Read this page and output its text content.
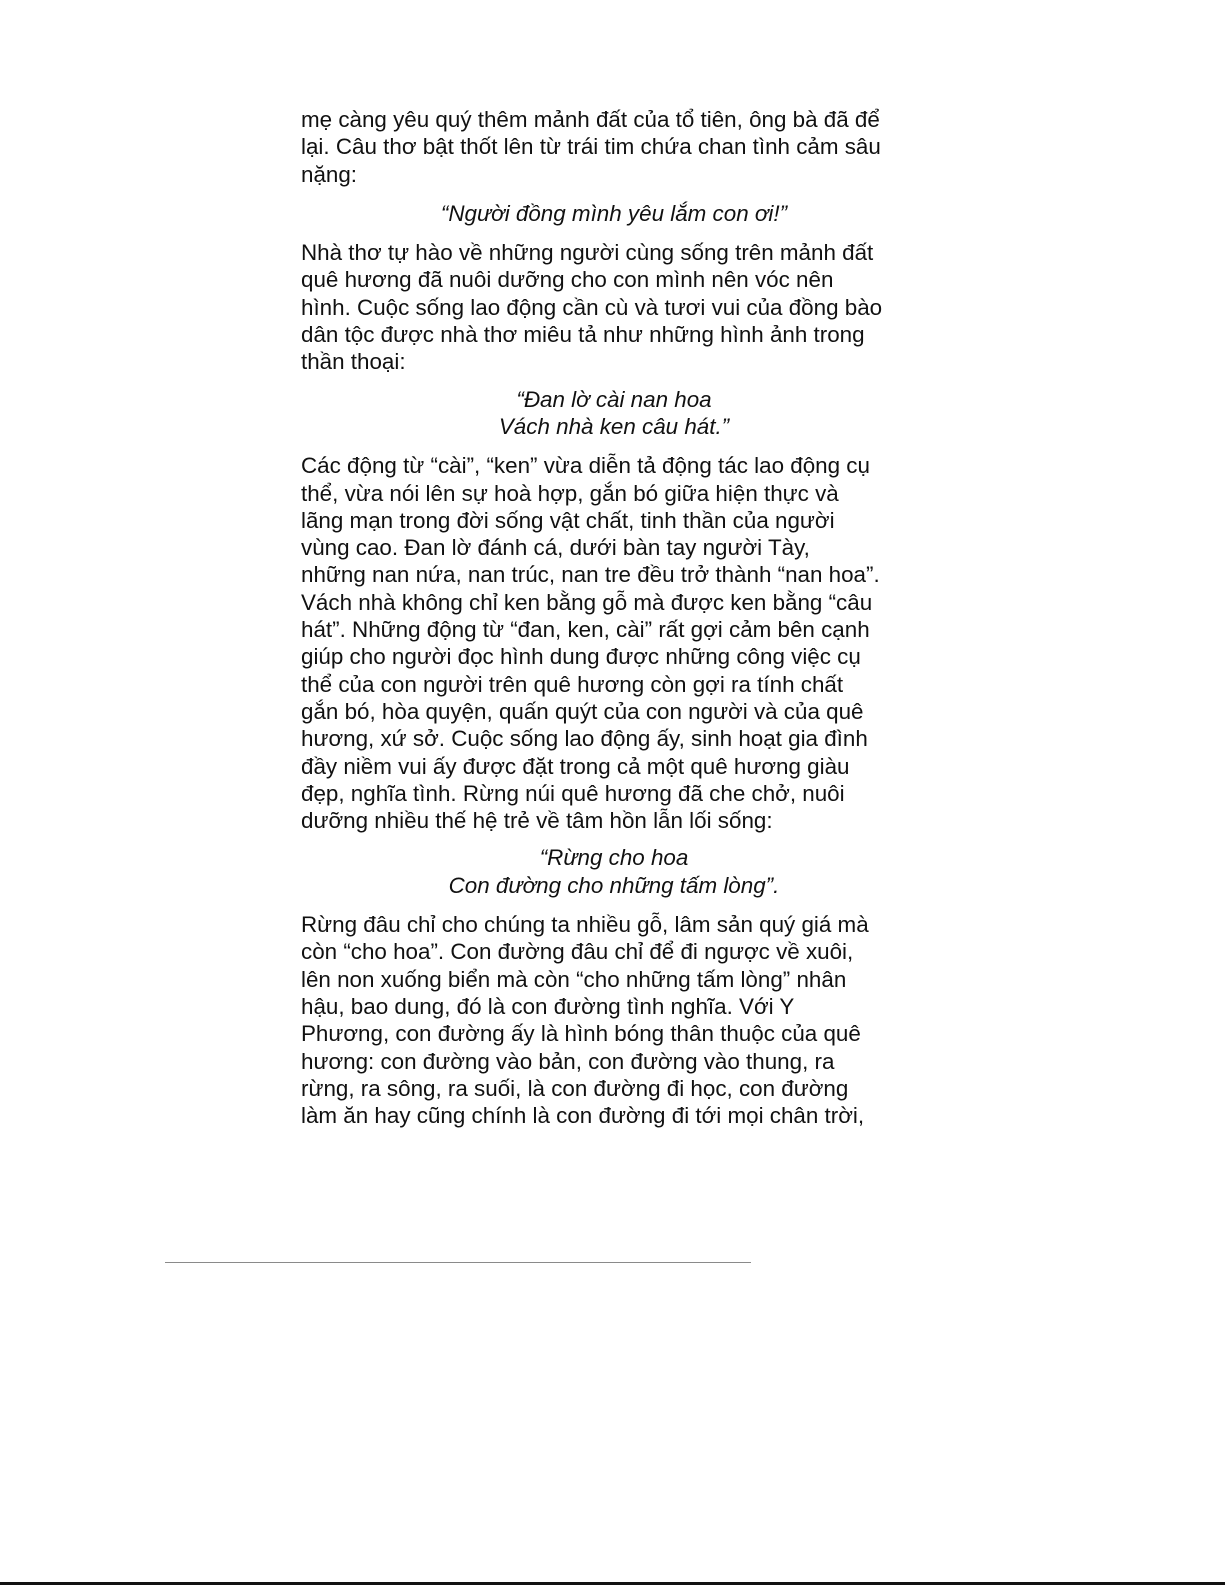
mẹ càng yêu quý thêm mảnh đất của tổ tiên, ông bà đã để
lại. Câu thơ bật thốt lên từ trái tim chứa chan tình cảm sâu
nặng:

“Người đồng mình yêu lắm con ơi!”

Nhà thơ tự hào về những người cùng sống trên mảnh đất
quê hương đã nuôi dưỡng cho con mình nên vóc nên
hình. Cuộc sống lao động cần cù và tươi vui của đồng bào
dân tộc được nhà thơ miêu tả như những hình ảnh trong
thần thoại:

“Đan lờ cài nan hoa
Vách nhà ken câu hát.”

Các động từ “cài”, “ken” vừa diễn tả động tác lao động cụ
thể, vừa nói lên sự hoà hợp, gắn bó giữa hiện thực và
lãng mạn trong đời sống vật chất, tinh thần của người
vùng cao. Đan lờ đánh cá, dưới bàn tay người Tày,
những nan nứa, nan trúc, nan tre đều trở thành “nan hoa”.
Vách nhà không chỉ ken bằng gỗ mà được ken bằng “câu
hát”. Những động từ “đan, ken, cài” rất gợi cảm bên cạnh
giúp cho người đọc hình dung được những công việc cụ
thể của con người trên quê hương còn gợi ra tính chất
gắn bó, hòa quyện, quấn quýt của con người và của quê
hương, xứ sở. Cuộc sống lao động ấy, sinh hoạt gia đình
đầy niềm vui ấy được đặt trong cả một quê hương giàu
đẹp, nghĩa tình. Rừng núi quê hương đã che chở, nuôi
dưỡng nhiều thế hệ trẻ về tâm hồn lẫn lối sống:

“Rừng cho hoa
Con đường cho những tấm lòng”.

Rừng đâu chỉ cho chúng ta nhiều gỗ, lâm sản quý giá mà
còn “cho hoa”. Con đường đâu chỉ để đi ngược về xuôi,
lên non xuống biển mà còn “cho những tấm lòng” nhân
hậu, bao dung, đó là con đường tình nghĩa. Với Y
Phương, con đường ấy là hình bóng thân thuộc của quê
hương: con đường vào bản, con đường vào thung, ra
rừng, ra sông, ra suối, là con đường đi học, con đường
làm ăn hay cũng chính là con đường đi tới mọi chân trời,
